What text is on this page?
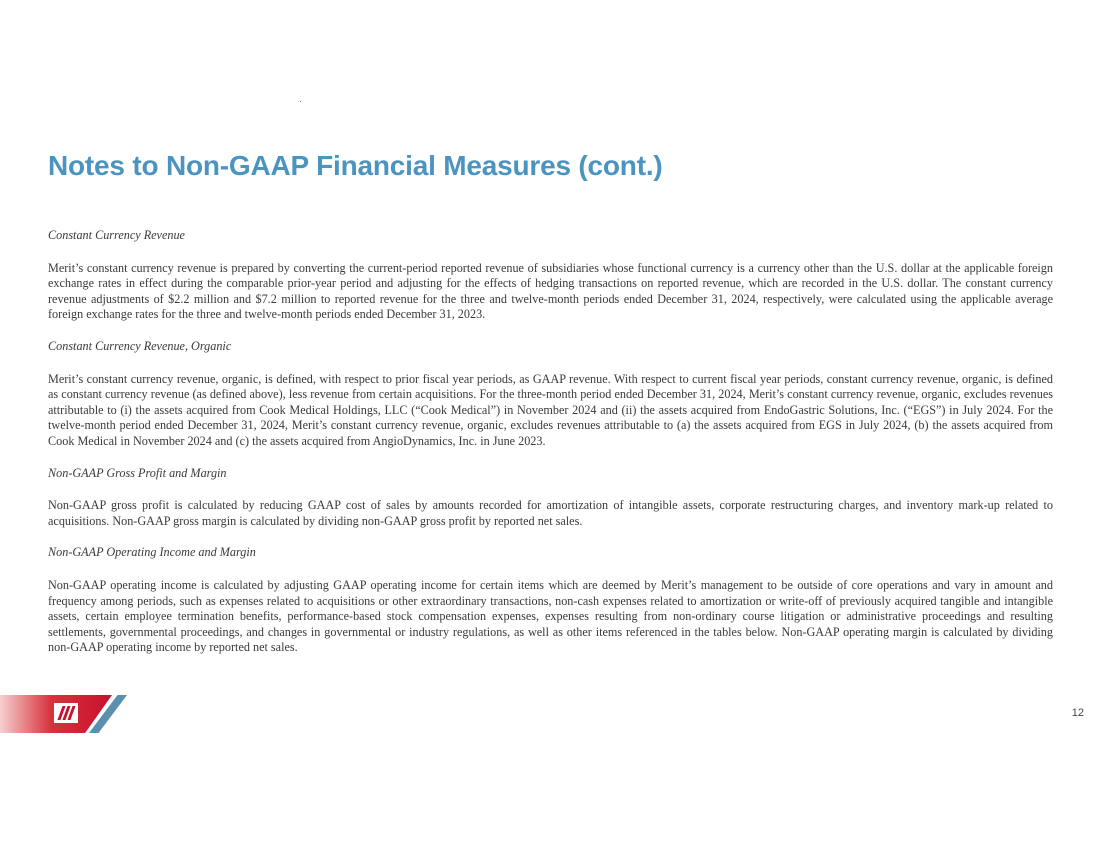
Notes to Non-GAAP Financial Measures (cont.)

Constant Currency Revenue

Merit’s constant currency revenue is prepared by converting the current-period reported revenue of subsidiaries whose functional currency is a currency other than the U.S. dollar at the applicable foreign exchange rates in effect during the comparable prior-year period and adjusting for the effects of hedging transactions on reported revenue, which are recorded in the U.S. dollar. The constant currency revenue adjustments of $2.2 million and $7.2 million to reported revenue for the three and twelve-month periods ended December 31, 2024, respectively, were calculated using the applicable average foreign exchange rates for the three and twelve-month periods ended December 31, 2023.

Constant Currency Revenue, Organic

Merit’s constant currency revenue, organic, is defined, with respect to prior fiscal year periods, as GAAP revenue. With respect to current fiscal year periods, constant currency revenue, organic, is defined as constant currency revenue (as defined above), less revenue from certain acquisitions. For the three-month period ended December 31, 2024, Merit’s constant currency revenue, organic, excludes revenues attributable to (i) the assets acquired from Cook Medical Holdings, LLC (“Cook Medical”) in November 2024 and (ii) the assets acquired from EndoGastric Solutions, Inc. (“EGS”) in July 2024. For the twelve-month period ended December 31, 2024, Merit’s constant currency revenue, organic, excludes revenues attributable to (a) the assets acquired from EGS in July 2024, (b) the assets acquired from Cook Medical in November 2024 and (c) the assets acquired from AngioDynamics, Inc. in June 2023.

Non-GAAP Gross Profit and Margin

Non-GAAP gross profit is calculated by reducing GAAP cost of sales by amounts recorded for amortization of intangible assets, corporate restructuring charges, and inventory mark-up related to acquisitions. Non-GAAP gross margin is calculated by dividing non-GAAP gross profit by reported net sales.

Non-GAAP Operating Income and Margin

Non-GAAP operating income is calculated by adjusting GAAP operating income for certain items which are deemed by Merit’s management to be outside of core operations and vary in amount and frequency among periods, such as expenses related to acquisitions or other extraordinary transactions, non-cash expenses related to amortization or write-off of previously acquired tangible and intangible assets, certain employee termination benefits, performance-based stock compensation expenses, expenses resulting from non-ordinary course litigation or administrative proceedings and resulting settlements, governmental proceedings, and changes in governmental or industry regulations, as well as other items referenced in the tables below. Non-GAAP operating margin is calculated by dividing non-GAAP operating income by reported net sales.

12
